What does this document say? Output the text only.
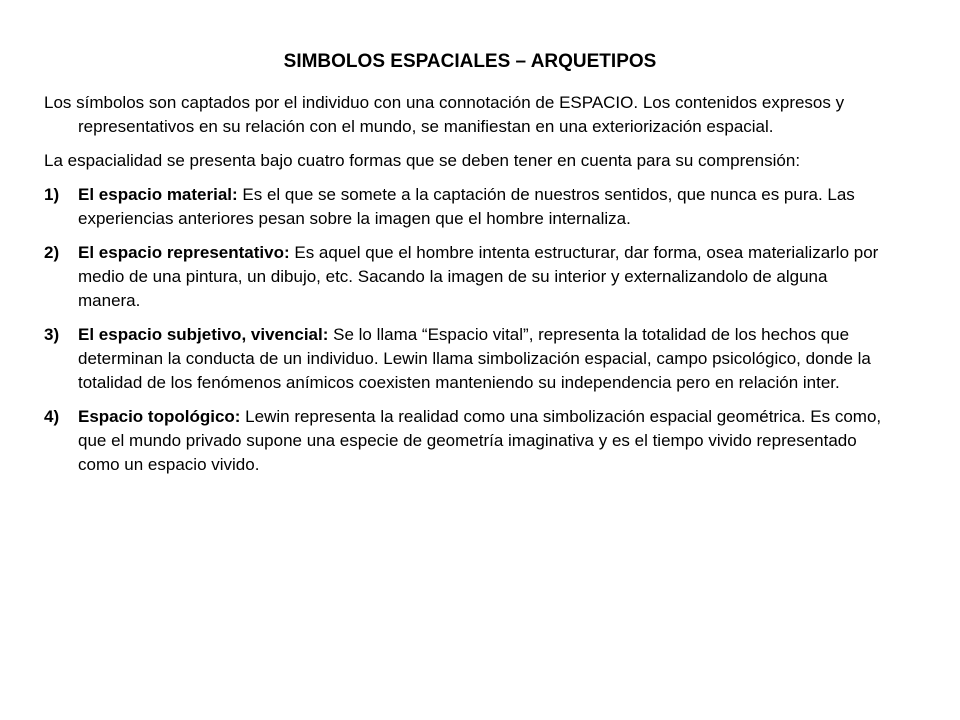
SIMBOLOS ESPACIALES – ARQUETIPOS

Los símbolos son captados por el individuo con una connotación de ESPACIO. Los contenidos expresos y representativos en su relación con el mundo, se manifiestan en una exteriorización espacial.

La espacialidad se presenta bajo cuatro formas que se deben tener en cuenta para su comprensión:

1)	El espacio material: Es el que se somete a la captación de nuestros sentidos, que nunca es pura. Las experiencias anteriores pesan sobre la imagen que el hombre internaliza.
2)	El espacio representativo: Es aquel que el hombre intenta estructurar, dar forma, osea materializarlo por medio de una pintura, un dibujo, etc. Sacando la imagen de su interior y externalizandolo de alguna manera.
3)	El espacio subjetivo, vivencial: Se lo llama “Espacio vital”, representa la totalidad de los hechos que determinan la conducta de un individuo. Lewin llama simbolización espacial, campo psicológico, donde la totalidad de los fenómenos anímicos coexisten manteniendo su independencia pero en relación inter.
4)	Espacio topológico: Lewin representa la realidad como una simbolización espacial geométrica. Es como, que el mundo privado supone una especie de geometría imaginativa y es el tiempo vivido representado como un espacio vivido.
